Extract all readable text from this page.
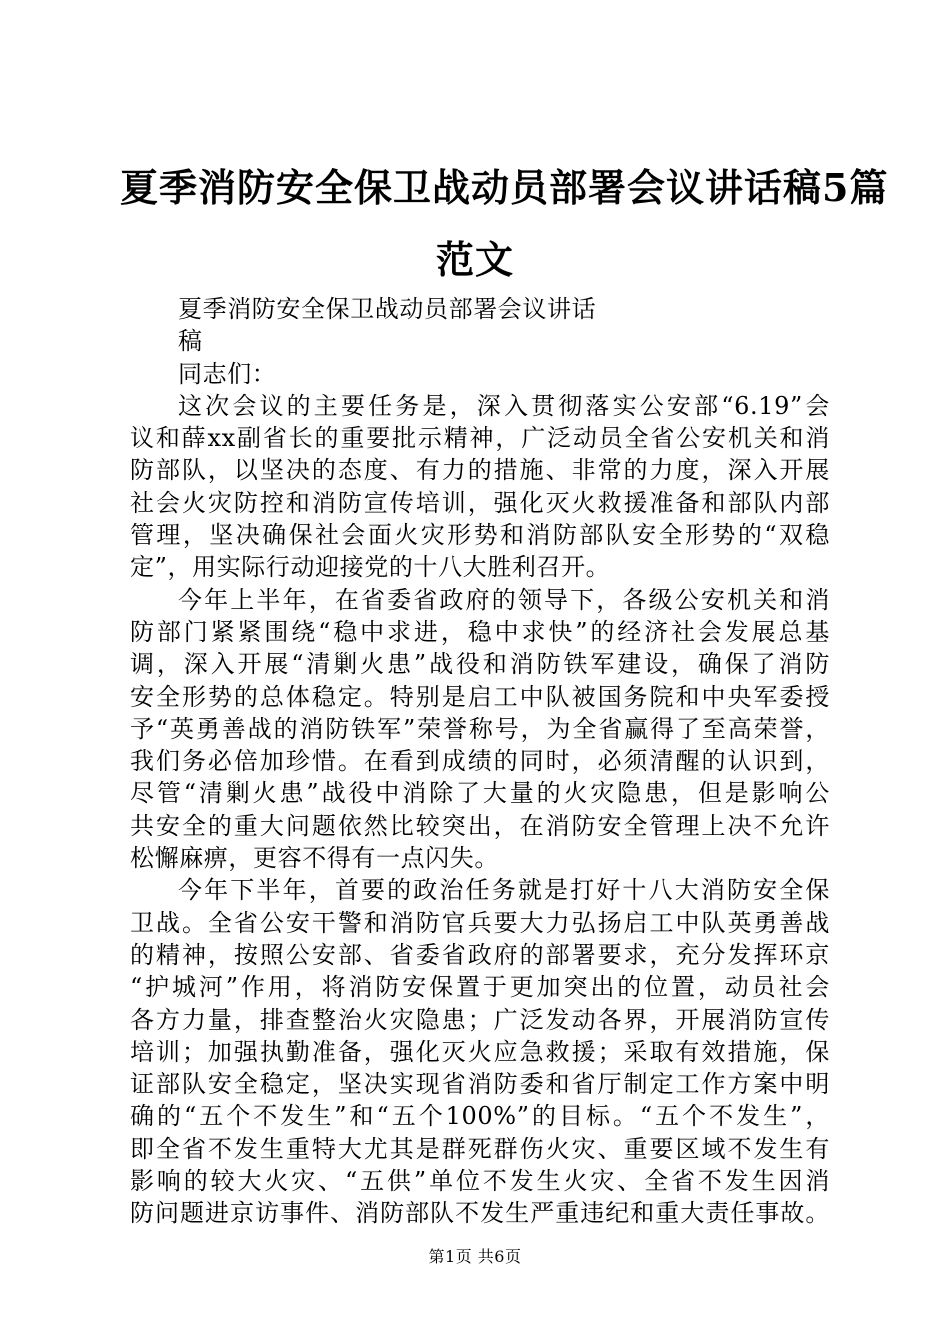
夏季消防安全保卫战动员部署会议讲话稿5篇
范文
夏季消防安全保卫战动员部署会议讲话
稿
同志们：
这次会议的主要任务是，深入贯彻落实公安部“6.19”会
议和薛xx副省长的重要批示精神，广泛动员全省公安机关和消
防部队，以坚决的态度、有力的措施、非常的力度，深入开展
社会火灾防控和消防宣传培训，强化灭火救援准备和部队内部
管理，坚决确保社会面火灾形势和消防部队安全形势的“双稳
定”，用实际行动迎接党的十八大胜利召开。
今年上半年，在省委省政府的领导下，各级公安机关和消
防部门紧紧围绕“稳中求进，稳中求快”的经济社会发展总基
调，深入开展“清剿火患”战役和消防铁军建设，确保了消防
安全形势的总体稳定。特别是启工中队被国务院和中央军委授
予“英勇善战的消防铁军”荣誉称号，为全省赢得了至高荣誉，
我们务必倍加珍惜。在看到成绩的同时，必须清醒的认识到，
尽管“清剿火患”战役中消除了大量的火灾隐患，但是影响公
共安全的重大问题依然比较突出，在消防安全管理上决不允许
松懈麻痹，更容不得有一点闪失。
今年下半年，首要的政治任务就是打好十八大消防安全保
卫战。全省公安干警和消防官兵要大力弘扬启工中队英勇善战
的精神，按照公安部、省委省政府的部署要求，充分发挥环京
“护城河”作用，将消防安保置于更加突出的位置，动员社会
各方力量，排查整治火灾隐患；广泛发动各界，开展消防宣传
培训；加强执勤准备，强化灭火应急救援；采取有效措施，保
证部队安全稳定，坚决实现省消防委和省厅制定工作方案中明
确的“五个不发生”和“五个100%”的目标。“五个不发生”，
即全省不发生重特大尤其是群死群伤火灾、重要区域不发生有
影响的较大火灾、“五供”单位不发生火灾、全省不发生因消
防问题进京访事件、消防部队不发生严重违纪和重大责任事故。
第1页 共6页
